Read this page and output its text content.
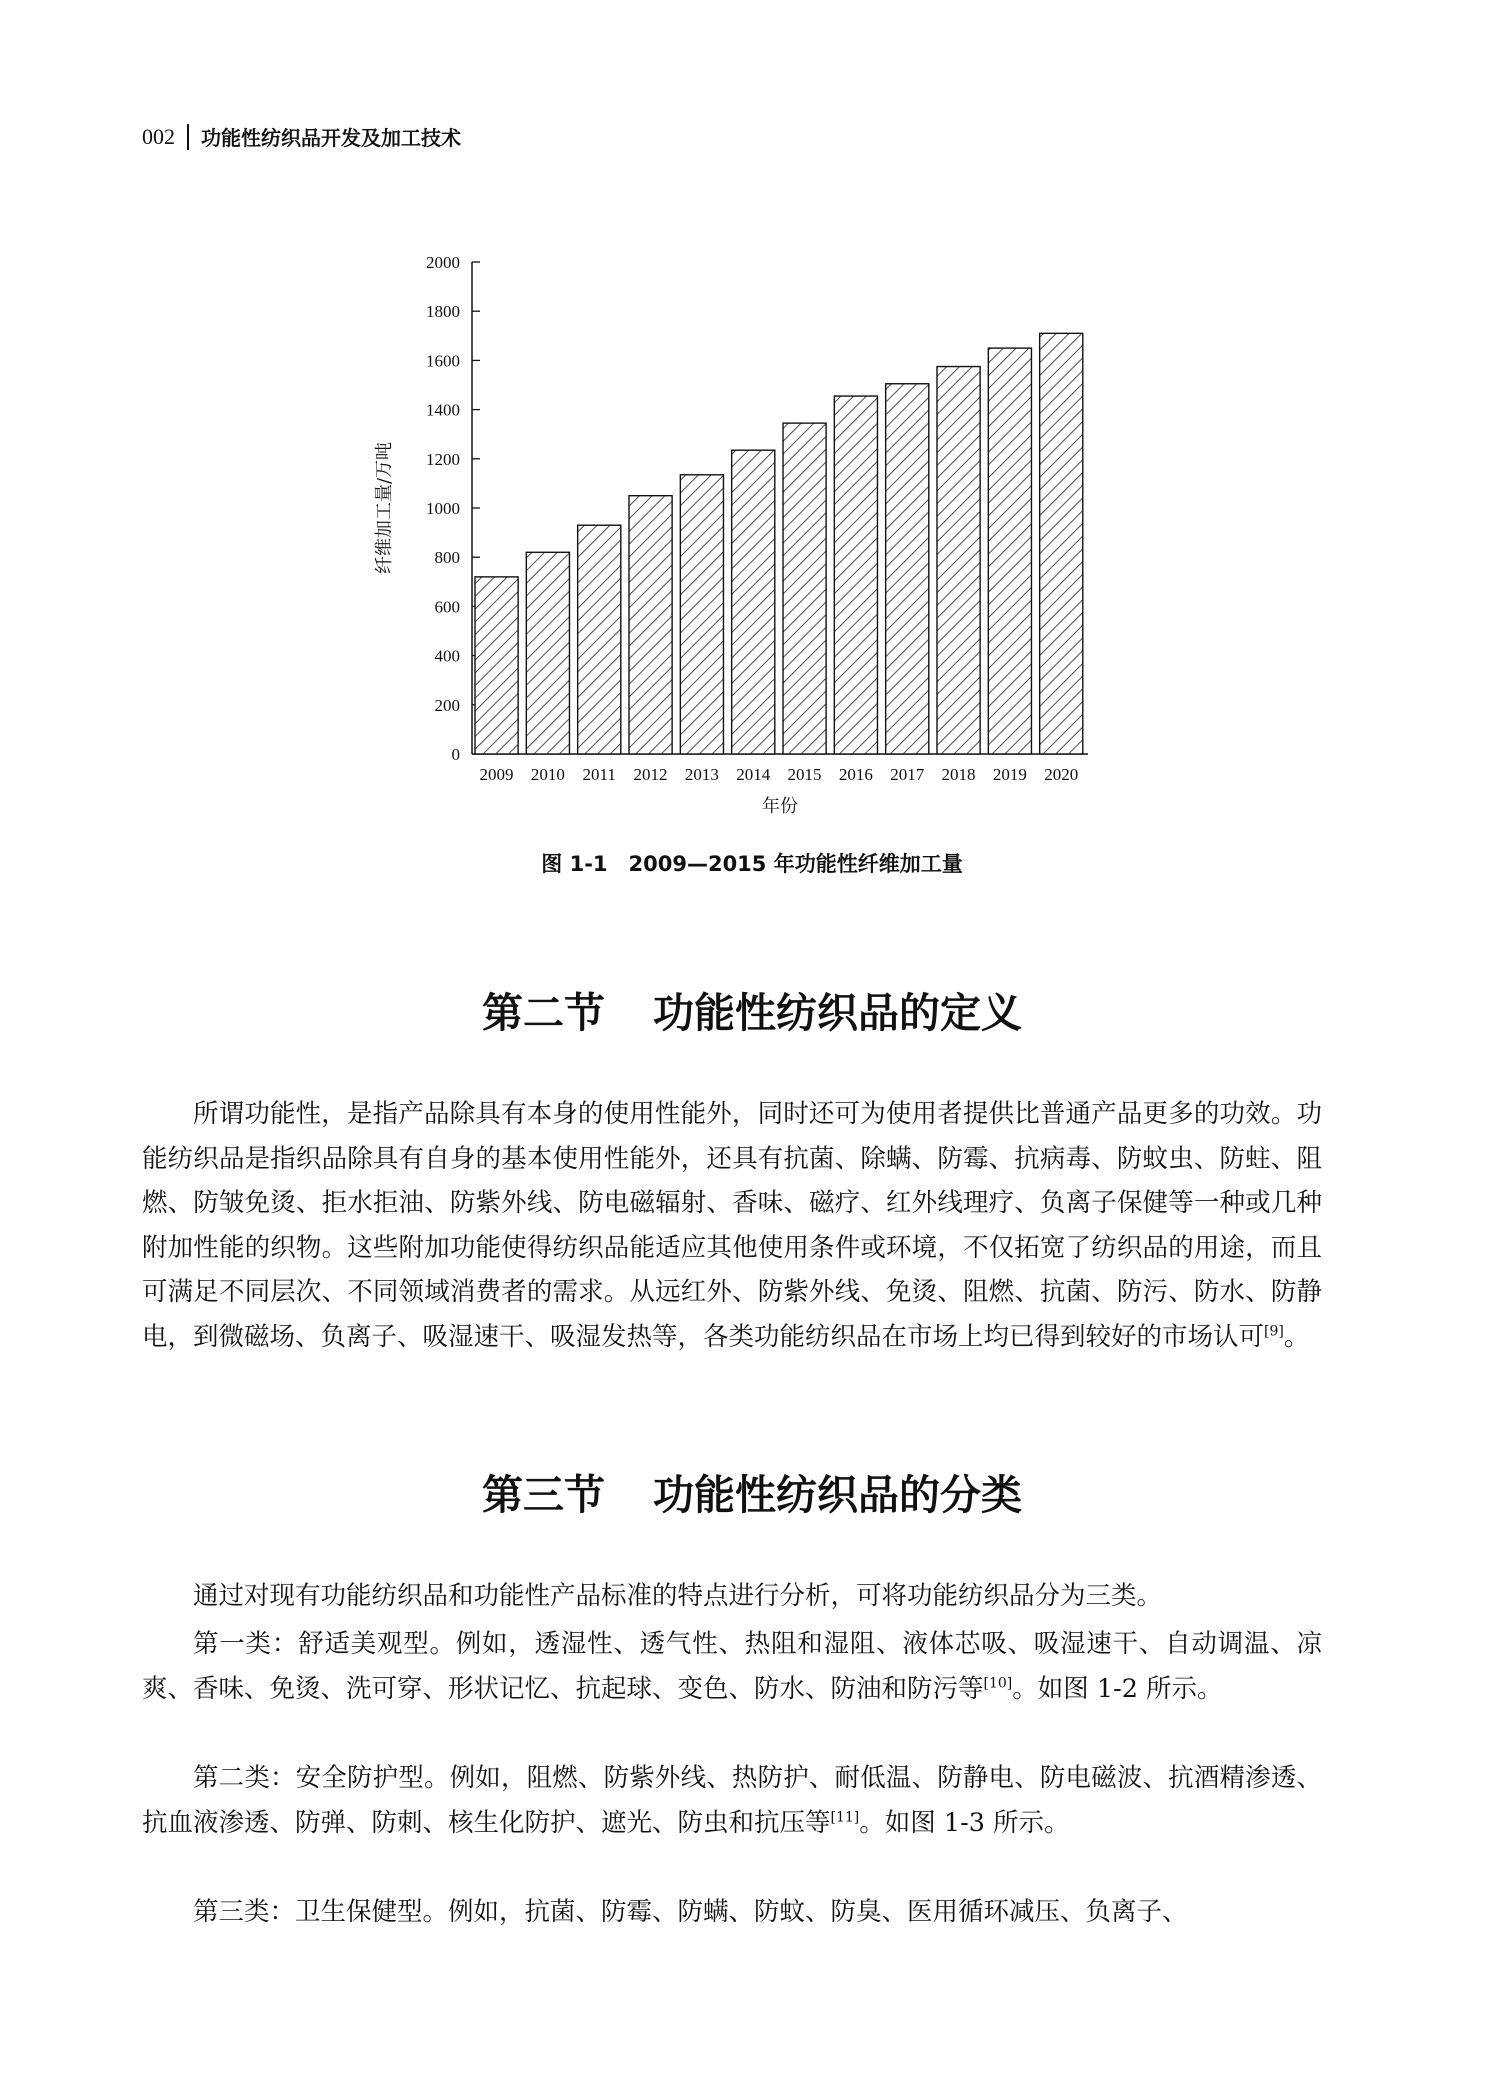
002 功能性纺织品开发及加工技术
0
200
400
600
800
1000
1200
1400
1600
1800
2000
2009 2010 2011 2012 2013 2014 2015 2016 2017 2018 2019 2020
年份
纤维加工量/万吨
图 1-1　2009—2015 年功能性纤维加工量
第二节 功能性纺织品的定义

所谓功能性，是指产品除具有本身的使用性能外，同时还可为使用者提供比普通产品更多的功效。功能纺织品是指织品除具有自身的基本使用性能外，还具有抗菌、除螨、防霉、抗病毒、防蚊虫、防蛀、阻燃、防皱免烫、拒水拒油、防紫外线、防电磁辐射、香味、磁疗、红外线理疗、负离子保健等一种或几种附加性能的织物。这些附加功能使得纺织品能适应其他使用条件或环境，不仅拓宽了纺织品的用途，而且可满足不同层次、不同领域消费者的需求。从远红外、防紫外线、免烫、阻燃、抗菌、防污、防水、防静电，到微磁场、负离子、吸湿速干、吸湿发热等，各类功能纺织品在市场上均已得到较好的市场认可[9]。

第三节 功能性纺织品的分类

通过对现有功能纺织品和功能性产品标准的特点进行分析，可将功能纺织品分为三类。

第一类：舒适美观型。例如，透湿性、透气性、热阻和湿阻、液体芯吸、吸湿速干、自动调温、凉爽、香味、免烫、洗可穿、形状记忆、抗起球、变色、防水、防油和防污等[10]。如图 1-2 所示。

第二类：安全防护型。例如，阻燃、防紫外线、热防护、耐低温、防静电、防电磁波、抗酒精渗透、抗血液渗透、防弹、防刺、核生化防护、遮光、防虫和抗压等[11]。如图 1-3 所示。

第三类：卫生保健型。例如，抗菌、防霉、防螨、防蚊、防臭、医用循环减压、负离子、
